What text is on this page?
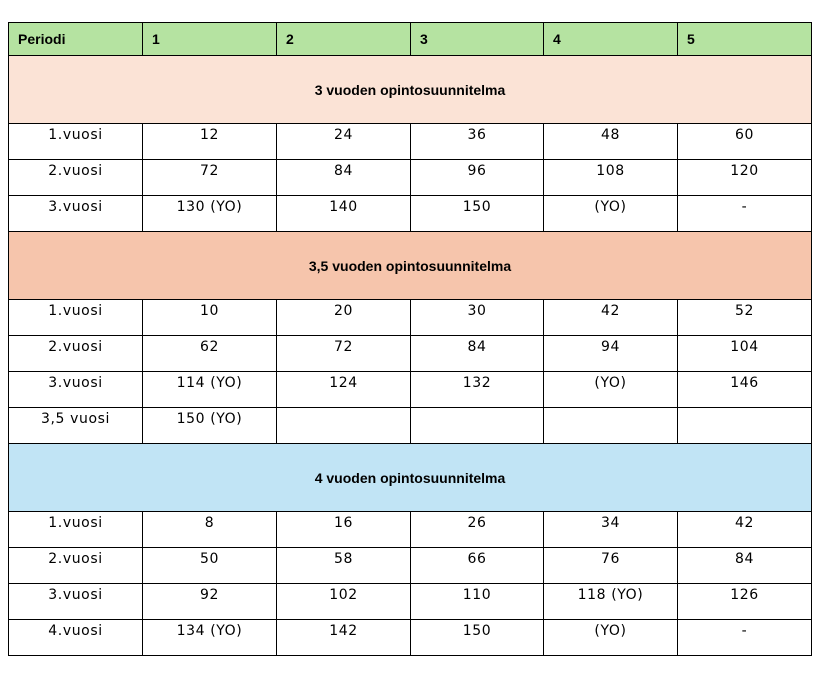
Periodi	1	2	3	4	5
3 vuoden opintosuunnitelma					
1.vuosi	12	24	36	48	60
2.vuosi	72	84	96	108	120
3.vuosi	130 (YO)	140	150	(YO)	-
3,5 vuoden opintosuunnitelma					
1.vuosi	10	20	30	42	52
2.vuosi	62	72	84	94	104
3.vuosi	114 (YO)	124	132	(YO)	146
3,5 vuosi	150 (YO)				
4 vuoden opintosuunnitelma					
1.vuosi	8	16	26	34	42
2.vuosi	50	58	66	76	84
3.vuosi	92	102	110	118 (YO)	126
4.vuosi	134 (YO)	142	150	(YO)	-
